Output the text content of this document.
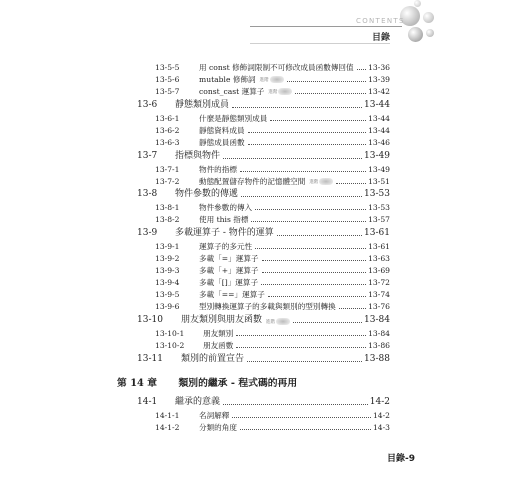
CONTENTS
目錄
13-5-5	用 const 修飾詞限制不可修改成員函數傳回值 13-36
13-5-6	mutable 修飾詞 進階	13-39
13-5-7	const_cast 運算子 進階	13-42
13-6	靜態類別成員	13-44
13-6-1	什麼是靜態類別成員	13-44
13-6-2	靜態資料成員	13-44
13-6-3	靜態成員函數	13-46
13-7	指標與物件	13-49
13-7-1	物件的指標	13-49
13-7-2	動態配置儲存物件的記憶體空間 進階	13-51
13-8	物件參數的傳遞	13-53
13-8-1	物件參數的傳入	13-53
13-8-2	使用 this 指標	13-57
13-9	多載運算子 - 物件的運算	13-61
13-9-1	運算子的多元性	13-61
13-9-2	多載「=」運算子	13-63
13-9-3	多載「+」運算子	13-69
13-9-4	多載「[]」運算子	13-72
13-9-5	多載「==」運算子	13-74
13-9-6	型別轉換運算子的多載與類別的型別轉換	13-76
13-10	朋友類別與朋友函數 進階	13-84
13-10-1	朋友類別	13-84
13-10-2	朋友函數	13-86
13-11	類別的前置宣告	13-88
第 14 章 類別的繼承 - 程式碼的再用
14-1	繼承的意義	14-2
14-1-1	名詞解釋	14-2
14-1-2	分類的角度	14-3
目錄-9
